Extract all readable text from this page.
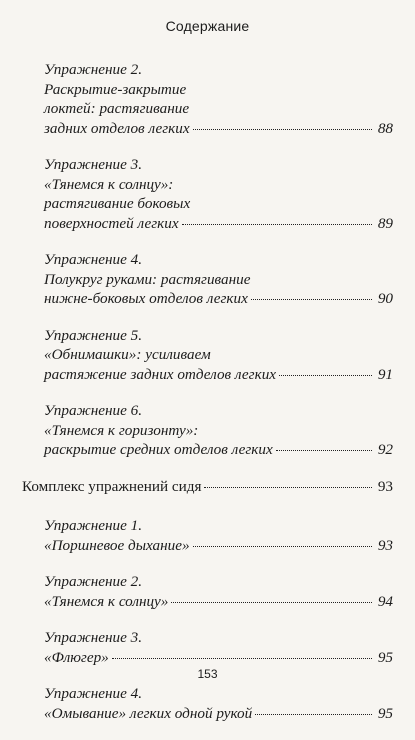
Содержание
Упражнение 2.
Раскрытие-закрытие
локтей: растягивание
задних отделов легких	88
Упражнение 3.
«Тянемся к солнцу»:
растягивание боковых
поверхностей легких	89
Упражнение 4.
Полукруг руками: растягивание
нижне-боковых отделов легких	90
Упражнение 5.
«Обнимашки»: усиливаем
растяжение задних отделов легких	91
Упражнение 6.
«Тянемся к горизонту»:
раскрытие средних отделов легких	92
Комплекс упражнений сидя	93
Упражнение 1.
«Поршневое дыхание»	93
Упражнение 2.
«Тянемся к солнцу»	94
Упражнение 3.
«Флюгер»	95
Упражнение 4.
«Омывание» легких одной рукой	95
153
